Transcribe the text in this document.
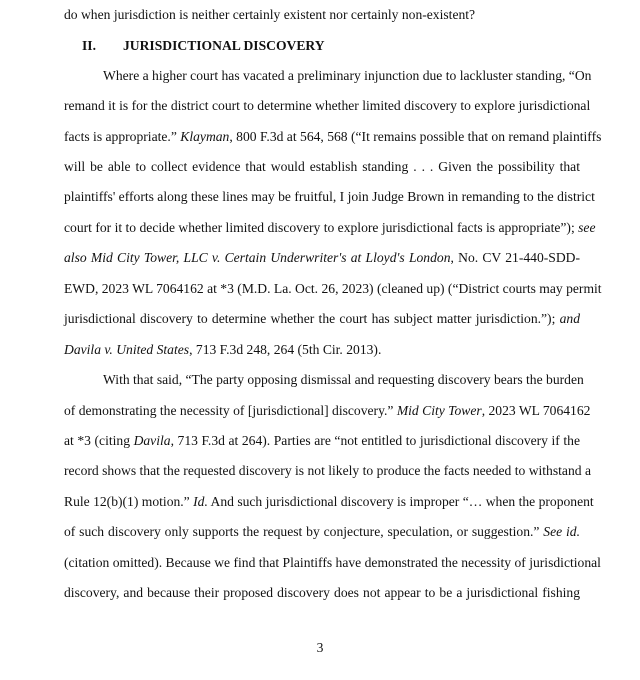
do when jurisdiction is neither certainly existent nor certainly non-existent?
II. JURISDICTIONAL DISCOVERY
Where a higher court has vacated a preliminary injunction due to lackluster standing, “On
remand it is for the district court to determine whether limited discovery to explore jurisdictional
facts is appropriate.” Klayman, 800 F.3d at 564, 568 (“It remains possible that on remand plaintiffs
will be able to collect evidence that would establish standing . . . Given the possibility that
plaintiffs' efforts along these lines may be fruitful, I join Judge Brown in remanding to the district
court for it to decide whether limited discovery to explore jurisdictional facts is appropriate”); see
also Mid City Tower, LLC v. Certain Underwriter's at Lloyd's London, No. CV 21-440-SDD-
EWD, 2023 WL 7064162 at *3 (M.D. La. Oct. 26, 2023) (cleaned up) (“District courts may permit
jurisdictional discovery to determine whether the court has subject matter jurisdiction.”); and
Davila v. United States, 713 F.3d 248, 264 (5th Cir. 2013).
With that said, “The party opposing dismissal and requesting discovery bears the burden
of demonstrating the necessity of [jurisdictional] discovery.” Mid City Tower, 2023 WL 7064162
at *3 (citing Davila, 713 F.3d at 264). Parties are “not entitled to jurisdictional discovery if the
record shows that the requested discovery is not likely to produce the facts needed to withstand a
Rule 12(b)(1) motion.” Id. And such jurisdictional discovery is improper “… when the proponent
of such discovery only supports the request by conjecture, speculation, or suggestion.” See id.
(citation omitted). Because we find that Plaintiffs have demonstrated the necessity of jurisdictional
discovery, and because their proposed discovery does not appear to be a jurisdictional fishing
3
